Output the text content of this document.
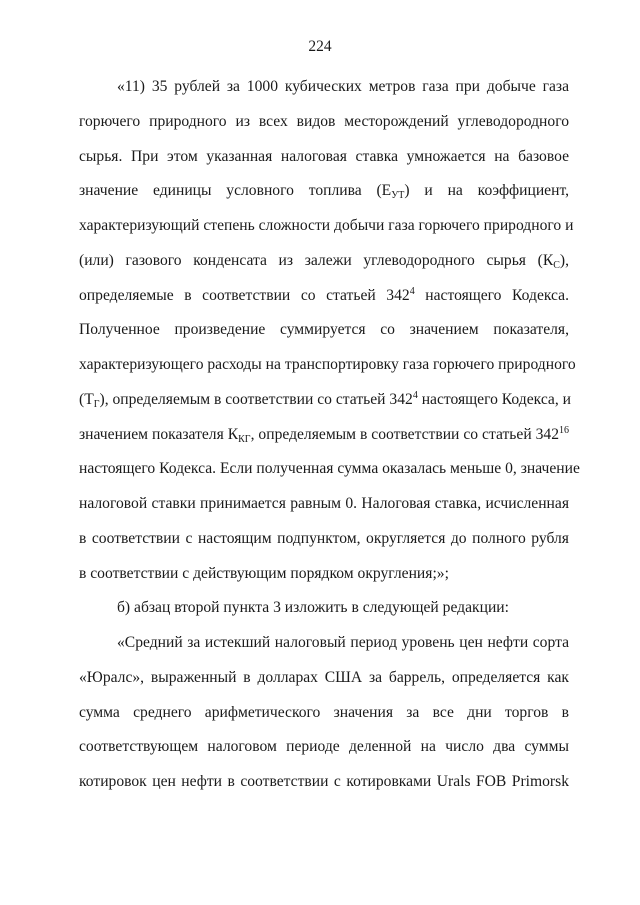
224
«11) 35 рублей за 1000 кубических метров газа при добыче газа
горючего природного из всех видов месторождений углеводородного
сырья. При этом указанная налоговая ставка умножается на базовое
значение единицы условного топлива $(Е_{УТ})$ и на коэффициент,
характеризующий степень сложности добычи газа горючего природного и
(или) газового конденсата из залежи углеводородного сырья $(К_С)$,
определяемые в соответствии со статьей $342^4$ настоящего Кодекса.
Полученное произведение суммируется со значением показателя,
характеризующего расходы на транспортировку газа горючего природного
$(Т_Г)$, определяемым в соответствии со статьей $342^4$ настоящего Кодекса, и
значением показателя $К_{КГ}$, определяемым в соответствии со статьей $342^{16}$
настоящего Кодекса. Если полученная сумма оказалась меньше 0, значение
налоговой ставки принимается равным 0. Налоговая ставка, исчисленная
в соответствии с настоящим подпунктом, округляется до полного рубля
в соответствии с действующим порядком округления;»;
б) абзац второй пункта 3 изложить в следующей редакции:
«Средний за истекший налоговый период уровень цен нефти сорта
«Юралс», выраженный в долларах США за баррель, определяется как
сумма среднего арифметического значения за все дни торгов в
соответствующем налоговом периоде деленной на число два суммы
котировок цен нефти в соответствии с котировками Urals FOB Primorsk
